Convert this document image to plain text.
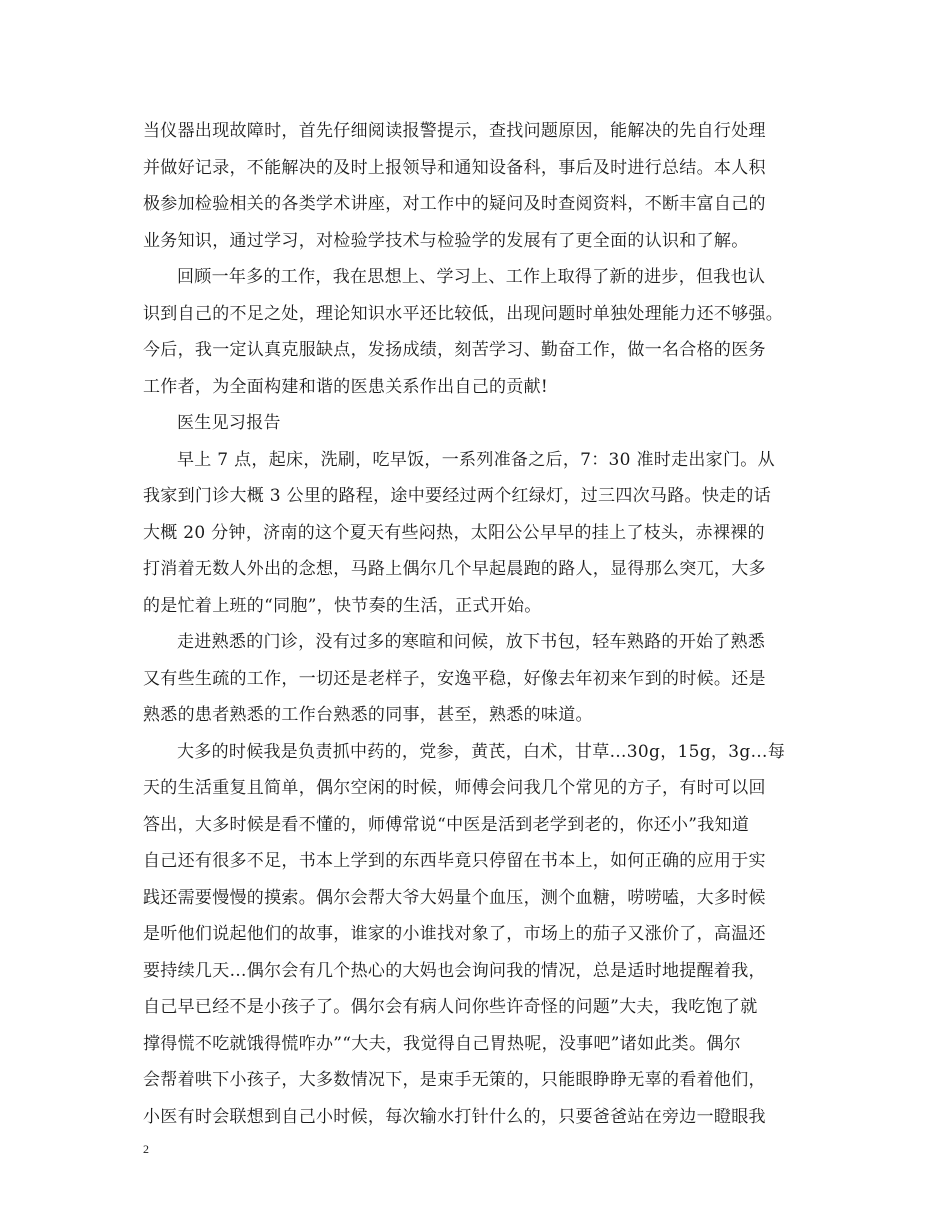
当仪器出现故障时，首先仔细阅读报警提示，查找问题原因，能解决的先自行处理
并做好记录，不能解决的及时上报领导和通知设备科，事后及时进行总结。本人积
极参加检验相关的各类学术讲座，对工作中的疑问及时查阅资料，不断丰富自己的
业务知识，通过学习，对检验学技术与检验学的发展有了更全面的认识和了解。
回顾一年多的工作，我在思想上、学习上、工作上取得了新的进步，但我也认
识到自己的不足之处，理论知识水平还比较低，出现问题时单独处理能力还不够强。
今后，我一定认真克服缺点，发扬成绩，刻苦学习、勤奋工作，做一名合格的医务
工作者，为全面构建和谐的医患关系作出自己的贡献!
医生见习报告
早上 7 点，起床，洗刷，吃早饭，一系列准备之后，7：30 准时走出家门。从
我家到门诊大概 3 公里的路程，途中要经过两个红绿灯，过三四次马路。快走的话
大概 20 分钟，济南的这个夏天有些闷热，太阳公公早早的挂上了枝头，赤裸裸的
打消着无数人外出的念想，马路上偶尔几个早起晨跑的路人，显得那么突兀，大多
的是忙着上班的“同胞”，快节奏的生活，正式开始。
走进熟悉的门诊，没有过多的寒暄和问候，放下书包，轻车熟路的开始了熟悉
又有些生疏的工作，一切还是老样子，安逸平稳，好像去年初来乍到的时候。还是
熟悉的患者熟悉的工作台熟悉的同事，甚至，熟悉的味道。
大多的时候我是负责抓中药的，党参，黄芪，白术，甘草…30g，15g，3g…每
天的生活重复且简单，偶尔空闲的时候，师傅会问我几个常见的方子，有时可以回
答出，大多时候是看不懂的，师傅常说“中医是活到老学到老的，你还小”我知道
自己还有很多不足，书本上学到的东西毕竟只停留在书本上，如何正确的应用于实
践还需要慢慢的摸索。偶尔会帮大爷大妈量个血压，测个血糖，唠唠嗑，大多时候
是听他们说起他们的故事，谁家的小谁找对象了，市场上的茄子又涨价了，高温还
要持续几天…偶尔会有几个热心的大妈也会询问我的情况，总是适时地提醒着我，
自己早已经不是小孩子了。偶尔会有病人问你些许奇怪的问题”大夫，我吃饱了就
撑得慌不吃就饿得慌咋办”“大夫，我觉得自己胃热呢，没事吧”诸如此类。偶尔
会帮着哄下小孩子，大多数情况下，是束手无策的，只能眼睁睁无辜的看着他们，
小医有时会联想到自己小时候，每次输水打针什么的，只要爸爸站在旁边一瞪眼我
2
